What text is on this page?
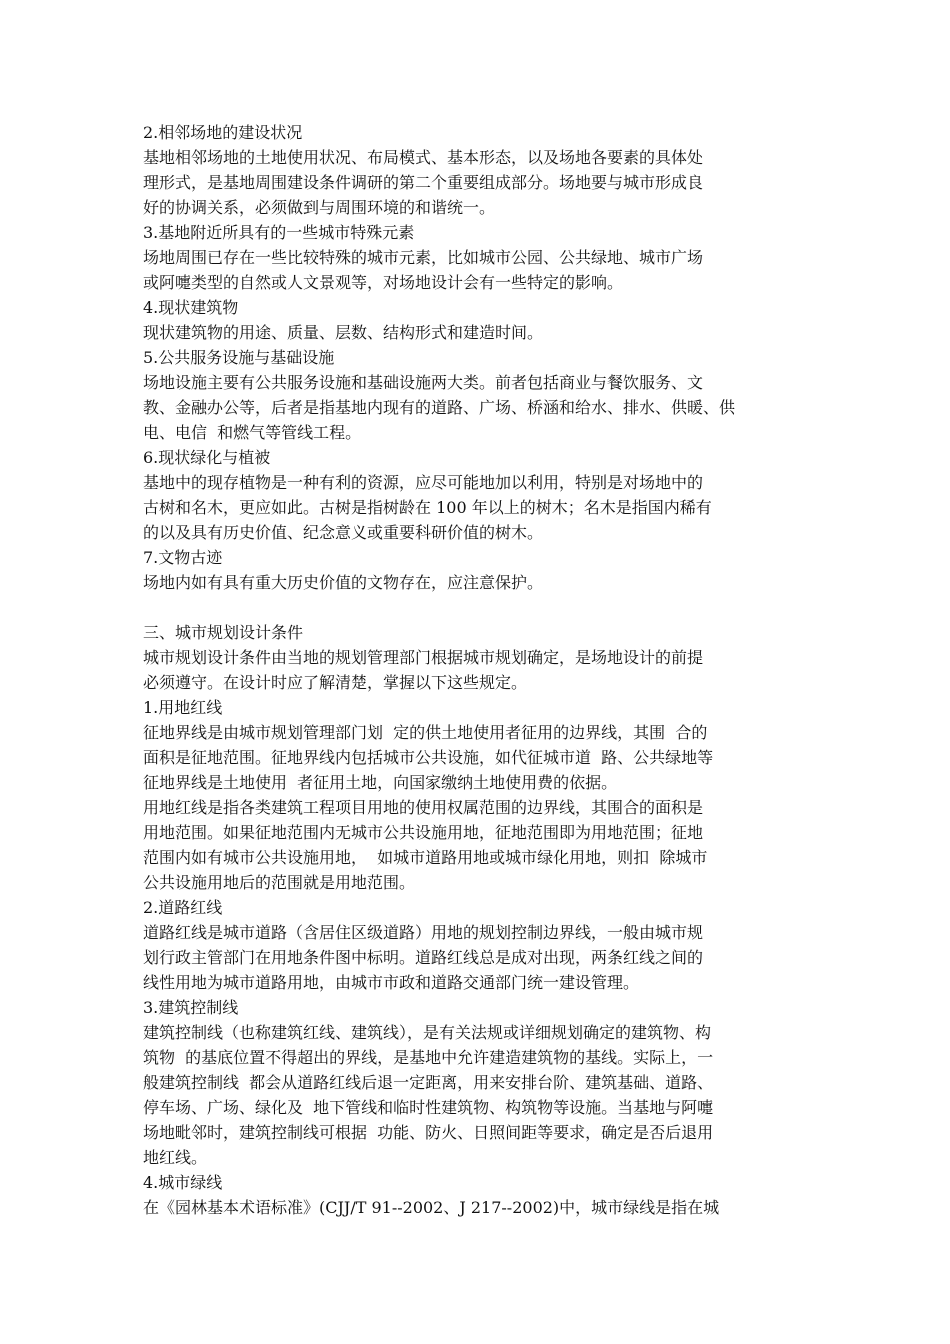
2.相邻场地的建设状况
基地相邻场地的土地使用状况、布局模式、基本形态，以及场地各要素的具体处
理形式，是基地周围建设条件调研的第二个重要组成部分。场地要与城市形成良
好的协调关系，必须做到与周围环境的和谐统一。
3.基地附近所具有的一些城市特殊元素
场地周围已存在一些比较特殊的城市元素，比如城市公园、公共绿地、城市广场
或阿嚏类型的自然或人文景观等，对场地设计会有一些特定的影响。
4.现状建筑物
现状建筑物的用途、质量、层数、结构形式和建造时间。
5.公共服务设施与基础设施
场地设施主要有公共服务设施和基础设施两大类。前者包括商业与餐饮服务、文
教、金融办公等，后者是指基地内现有的道路、广场、桥涵和给水、排水、供暖、供
电、电信  和燃气等管线工程。
6.现状绿化与植被
基地中的现存植物是一种有利的资源，应尽可能地加以利用，特别是对场地中的
古树和名木，更应如此。古树是指树龄在 100 年以上的树木；名木是指国内稀有
的以及具有历史价值、纪念意义或重要科研价值的树木。
7.文物古迹
场地内如有具有重大历史价值的文物存在，应注意保护。
三、城市规划设计条件
城市规划设计条件由当地的规划管理部门根据城市规划确定，是场地设计的前提
必须遵守。在设计时应了解清楚，掌握以下这些规定。
1.用地红线
征地界线是由城市规划管理部门划  定的供土地使用者征用的边界线，其围  合的
面积是征地范围。征地界线内包括城市公共设施，如代征城市道  路、公共绿地等
征地界线是土地使用  者征用土地，向国家缴纳土地使用费的依据。
用地红线是指各类建筑工程项目用地的使用权属范围的边界线，其围合的面积是
用地范围。如果征地范围内无城市公共设施用地，征地范围即为用地范围；征地
范围内如有城市公共设施用地，  如城市道路用地或城市绿化用地，则扣  除城市
公共设施用地后的范围就是用地范围。
2.道路红线
道路红线是城市道路（含居住区级道路）用地的规划控制边界线，一般由城市规
划行政主管部门在用地条件图中标明。道路红线总是成对出现，两条红线之间的
线性用地为城市道路用地，由城市市政和道路交通部门统一建设管理。
3.建筑控制线
建筑控制线（也称建筑红线、建筑线），是有关法规或详细规划确定的建筑物、构
筑物  的基底位置不得超出的界线，是基地中允许建造建筑物的基线。实际上，一
般建筑控制线  都会从道路红线后退一定距离，用来安排台阶、建筑基础、道路、
停车场、广场、绿化及  地下管线和临时性建筑物、构筑物等设施。当基地与阿嚏
场地毗邻时，建筑控制线可根据  功能、防火、日照间距等要求，确定是否后退用
地红线。
4.城市绿线
在《园林基本术语标准》(CJJ/T 91--2002、J 217--2002)中，城市绿线是指在城
